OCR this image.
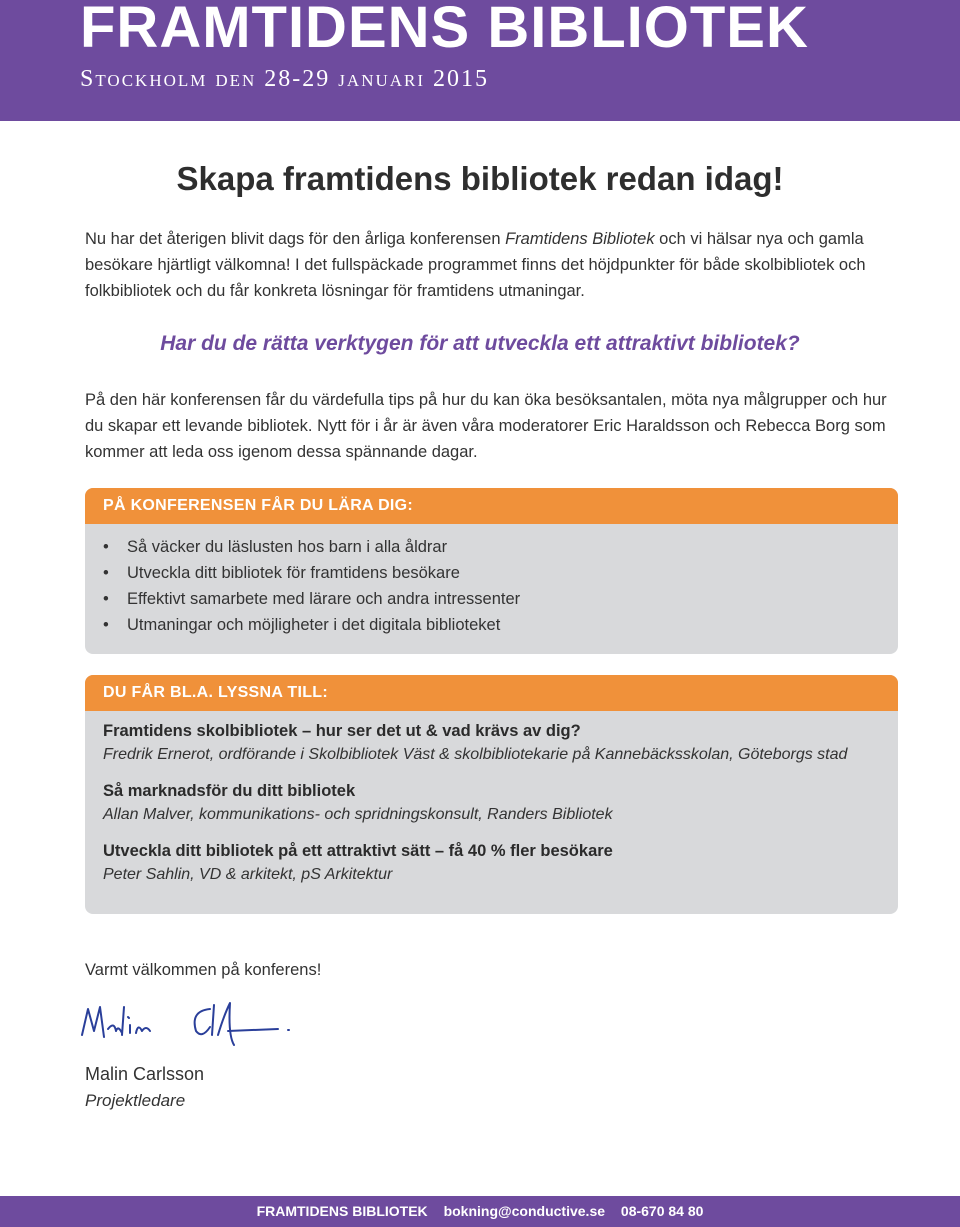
FRAMTIDENS BIBLIOTEK
Stockholm den 28-29 januari 2015
Skapa framtidens bibliotek redan idag!
Nu har det återigen blivit dags för den årliga konferensen Framtidens Bibliotek och vi hälsar nya och gamla besökare hjärtligt välkomna! I det fullspäckade programmet finns det höjdpunkter för både skolbibliotek och folkbibliotek och du får konkreta lösningar för framtidens utmaningar.
Har du de rätta verktygen för att utveckla ett attraktivt bibliotek?
På den här konferensen får du värdefulla tips på hur du kan öka besöksantalen, möta nya målgrupper och hur du skapar ett levande bibliotek. Nytt för i år är även våra moderatorer Eric Haraldsson och Rebecca Borg som kommer att leda oss igenom dessa spännande dagar.
PÅ KONFERENSEN FÅR DU LÄRA DIG:
• Så väcker du läslusten hos barn i alla åldrar
• Utveckla ditt bibliotek för framtidens besökare
• Effektivt samarbete med lärare och andra intressenter
• Utmaningar och möjligheter i det digitala biblioteket
DU FÅR BL.A. LYSSNA TILL:
Framtidens skolbibliotek – hur ser det ut & vad krävs av dig?
Fredrik Ernerot, ordförande i Skolbibliotek Väst & skolbibliotekarie på Kannebäcksskolan, Göteborgs stad
Så marknadsför du ditt bibliotek
Allan Malver, kommunikations- och spridningskonsult, Randers Bibliotek
Utveckla ditt bibliotek på ett attraktivt sätt – få 40 % fler besökare
Peter Sahlin, VD & arkitekt, pS Arkitektur
Varmt välkommen på konferens!
Malin Carlsson
Projektledare
FRAMTIDENS BIBLIOTEK bokning@conductive.se 08-670 84 80
